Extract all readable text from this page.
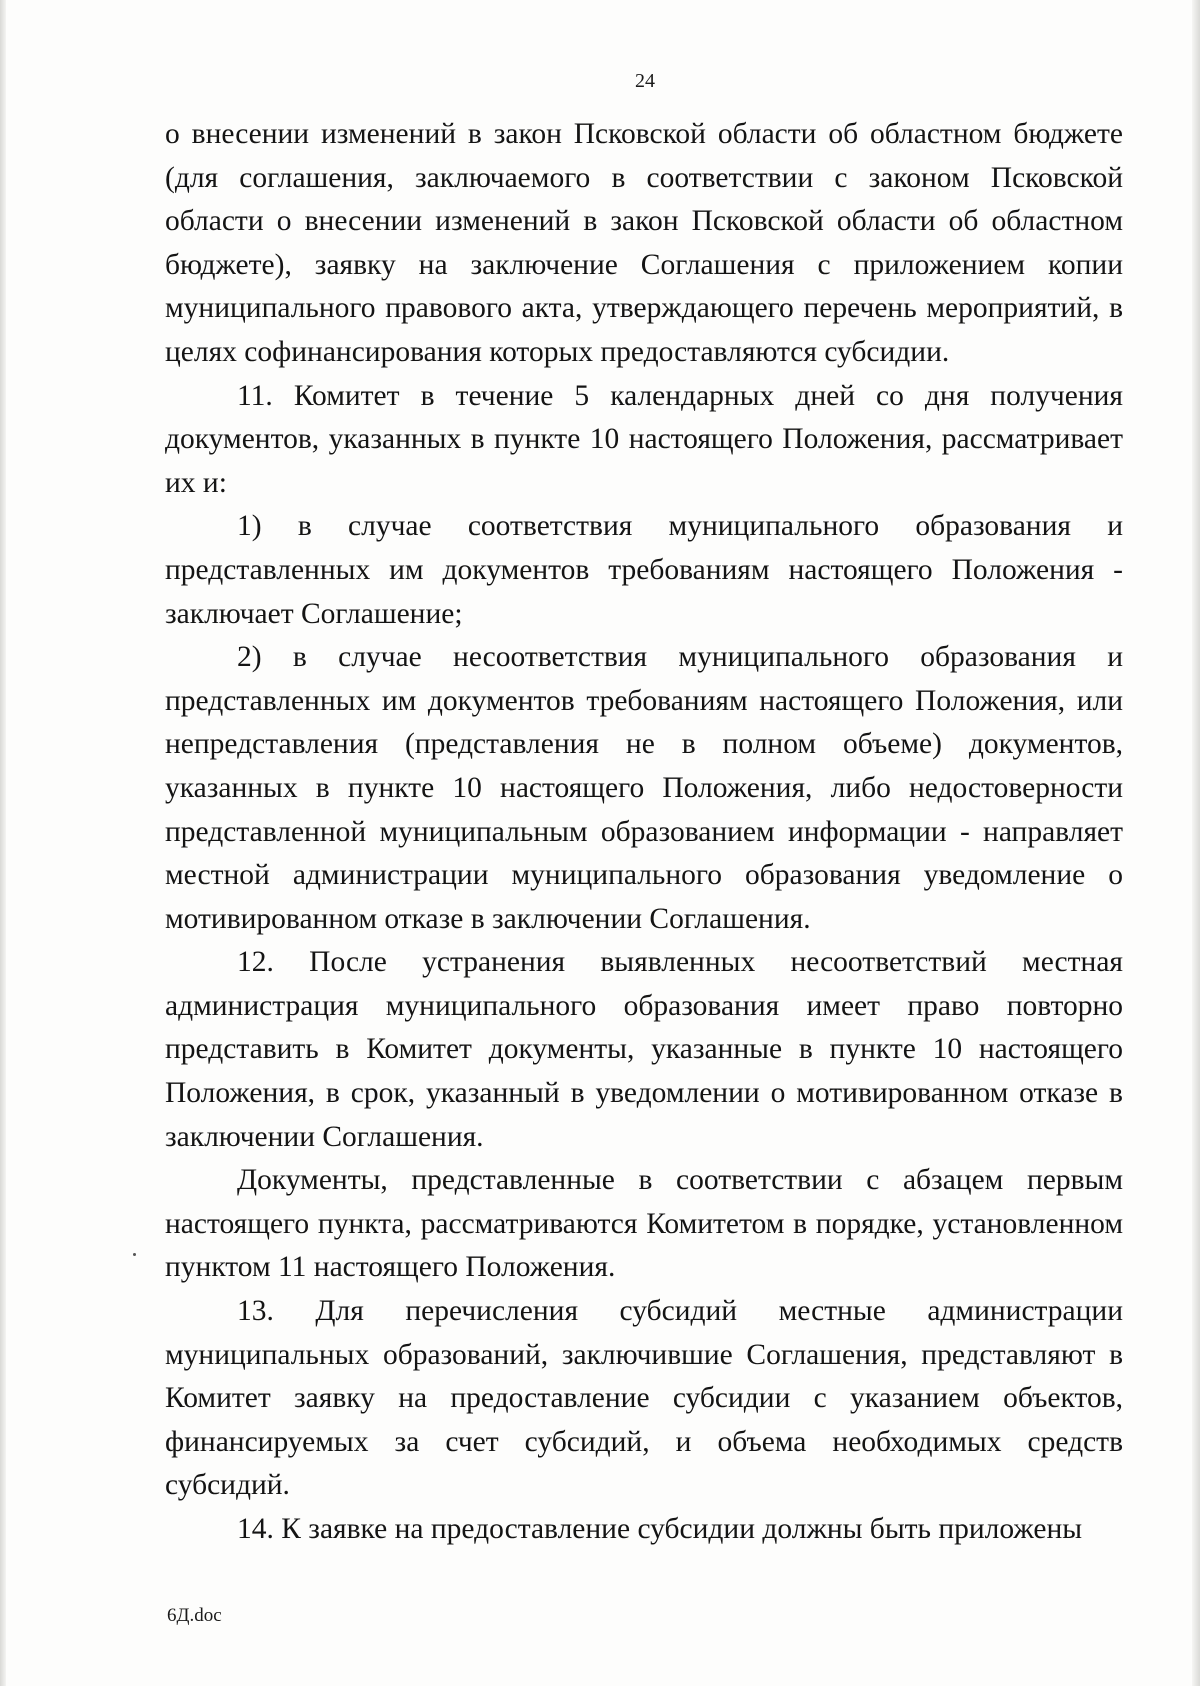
24

о внесении изменений в закон Псковской области об областном бюджете (для соглашения, заключаемого в соответствии с законом Псковской области о внесении изменений в закон Псковской области об областном бюджете), заявку на заключение Соглашения с приложением копии муниципального правового акта, утверждающего перечень мероприятий, в целях софинансирования которых предоставляются субсидии.

11. Комитет в течение 5 календарных дней со дня получения документов, указанных в пункте 10 настоящего Положения, рассматривает их и:

1) в случае соответствия муниципального образования и представленных им документов требованиям настоящего Положения - заключает Соглашение;

2) в случае несоответствия муниципального образования и представленных им документов требованиям настоящего Положения, или непредставления (представления не в полном объеме) документов, указанных в пункте 10 настоящего Положения, либо недостоверности представленной муниципальным образованием информации - направляет местной администрации муниципального образования уведомление о мотивированном отказе в заключении Соглашения.

12. После устранения выявленных несоответствий местная администрация муниципального образования имеет право повторно представить в Комитет документы, указанные в пункте 10 настоящего Положения, в срок, указанный в уведомлении о мотивированном отказе в заключении Соглашения.

Документы, представленные в соответствии с абзацем первым настоящего пункта, рассматриваются Комитетом в порядке, установленном пунктом 11 настоящего Положения.

13. Для перечисления субсидий местные администрации муниципальных образований, заключившие Соглашения, представляют в Комитет заявку на предоставление субсидии с указанием объектов, финансируемых за счет субсидий, и объема необходимых средств субсидий.

14. К заявке на предоставление субсидии должны быть приложены

6Д.doc
